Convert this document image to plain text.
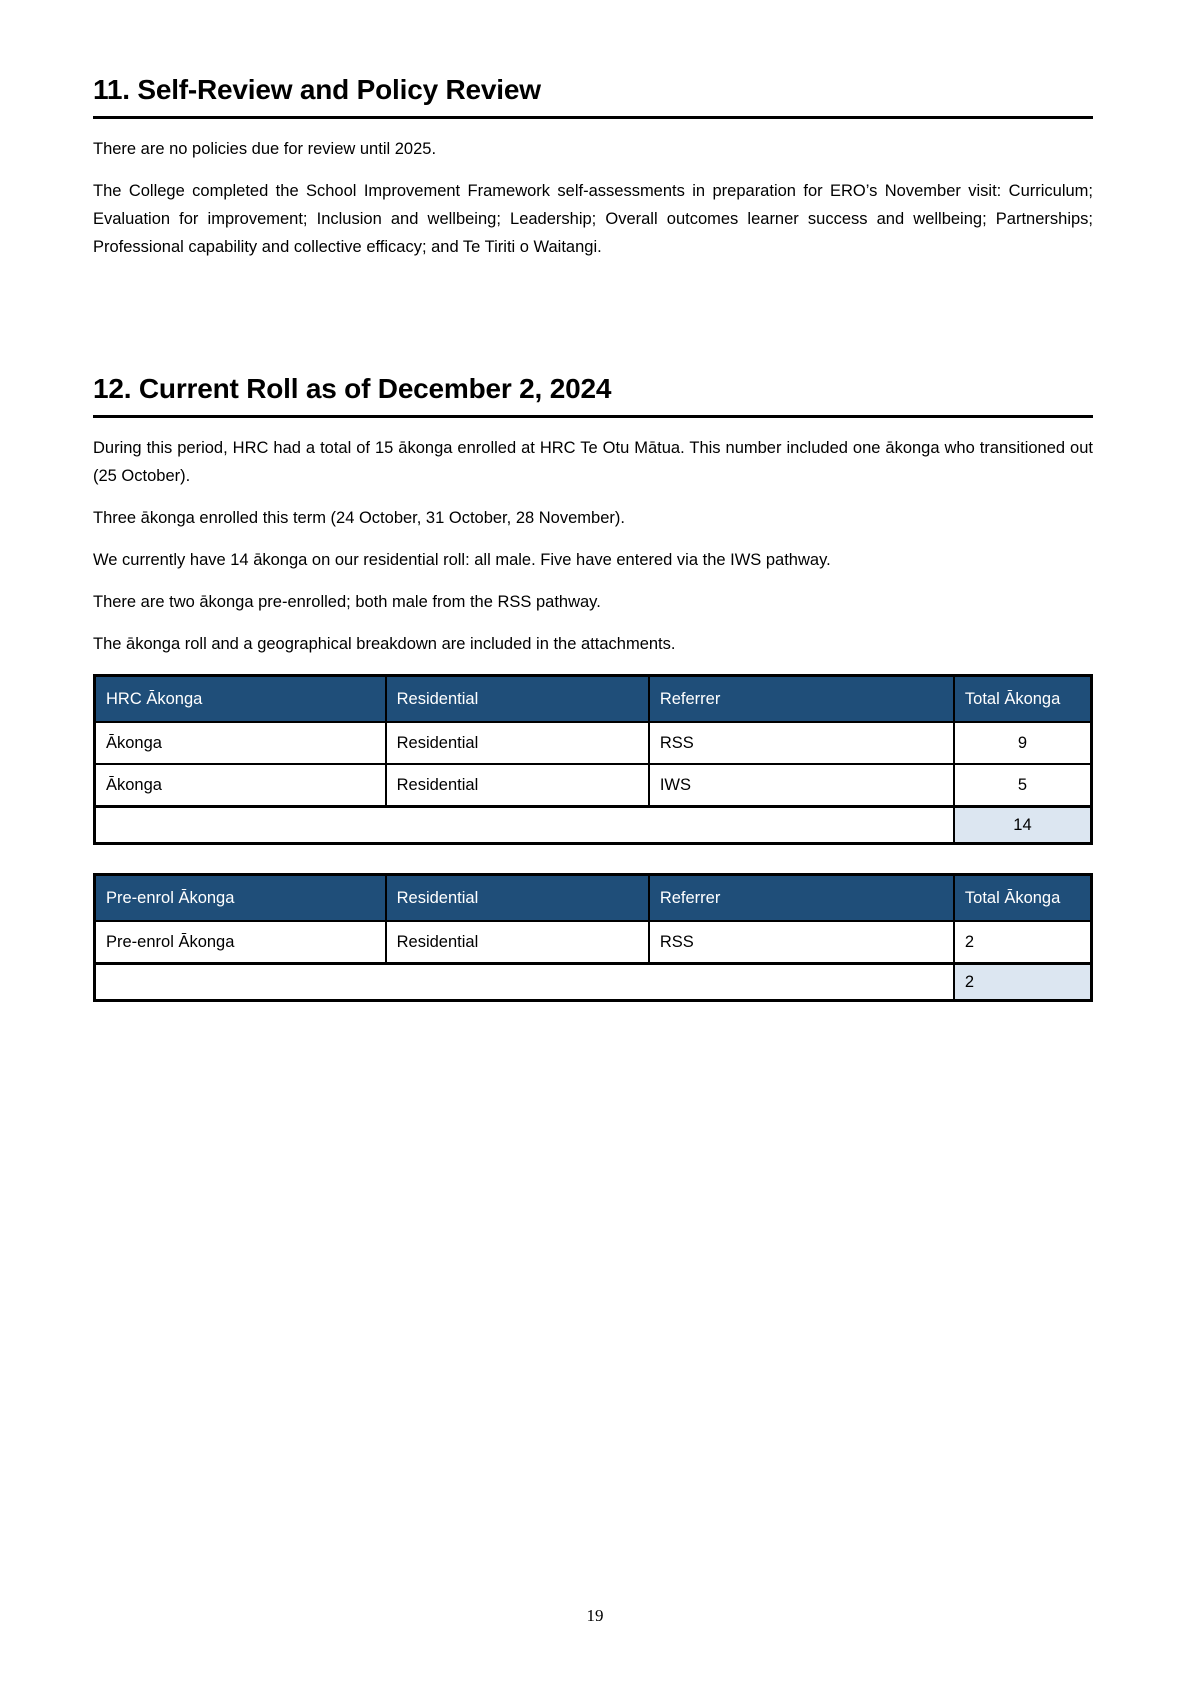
11. Self-Review and Policy Review

There are no policies due for review until 2025.

The College completed the School Improvement Framework self-assessments in preparation for ERO’s November visit: Curriculum; Evaluation for improvement; Inclusion and wellbeing; Leadership; Overall outcomes learner success and wellbeing; Partnerships; Professional capability and collective efficacy; and Te Tiriti o Waitangi.

12. Current Roll as of December 2, 2024

During this period, HRC had a total of 15 ākonga enrolled at HRC Te Otu Mātua. This number included one ākonga who transitioned out (25 October).

Three ākonga enrolled this term (24 October, 31 October, 28 November).

We currently have 14 ākonga on our residential roll: all male. Five have entered via the IWS pathway.

There are two ākonga pre-enrolled; both male from the RSS pathway.

The ākonga roll and a geographical breakdown are included in the attachments.

HRC Ākonga	Residential	Referrer	Total Ākonga
Ākonga	Residential	RSS	9
Ākonga	Residential	IWS	5
			14
Pre-enrol Ākonga	Residential	Referrer	Total Ākonga
Pre-enrol Ākonga	Residential	RSS	2
			2
19
